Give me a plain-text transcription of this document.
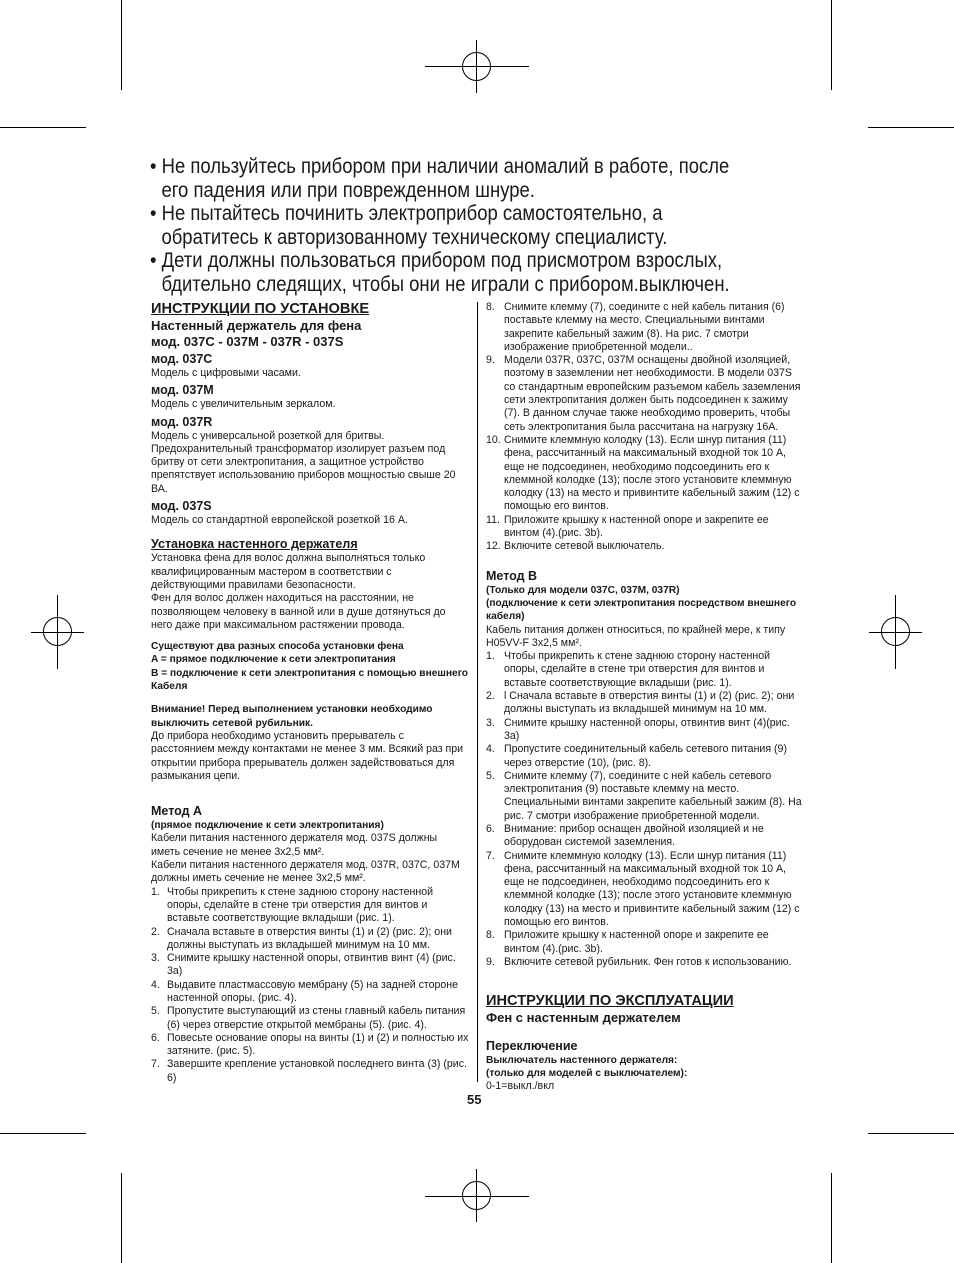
• Не пользуйтесь прибором при наличии аномалий в работе, после его падения или при поврежденном шнуре.

• Не пытайтесь починить электроприбор самостоятельно, а обратитесь к авторизованному техническому специалисту.

• Дети должны пользоваться прибором под присмотром взрослых, бдительно следящих, чтобы они не играли с прибором.выключен.

ИНСТРУКЦИИ ПО УСТАНОВКЕ
Настенный держатель для фена
мод. 037C - 037M - 037R - 037S
мод. 037C
Модель с цифровыми часами.
мод. 037M
Модель с увеличительным зеркалом.
мод. 037R
Модель с универсальной розеткой для бритвы. Предохранительный трансформатор изолирует разъем под бритву от сети электропитания, а защитное устройство препятствует использованию приборов мощностью свыше 20 ВА.
мод. 037S
Модель со стандартной европейской розеткой 16 А.
Установка настенного держателя
Установка фена для волос должна выполняться только квалифицированным мастером в соответствии с действующими правилами безопасности.
Фен для волос должен находиться на расстоянии, не позволяющем человеку в ванной или в душе дотянуться до него даже при максимальном растяжении провода.
Существуют два разных способа установки фена
A = прямое подключение к сети электропитания
B = подключение к сети электропитания с помощью внешнего Кабеля
Внимание! Перед выполнением установки необходимо выключить сетевой рубильник.
До прибора необходимо установить прерыватель с расстоянием между контактами не менее 3 мм. Всякий раз при открытии прибора прерыватель должен задействоваться для размыкания цепи.
Метод A
(прямое подключение к сети электропитания)
Кабели питания настенного держателя мод. 037S должны иметь сечение не менее 3х2,5 мм².
Кабели питания настенного держателя мод. 037R, 037C, 037M должны иметь сечение не менее 3х2,5 мм².
1. Чтобы прикрепить к стене заднюю сторону настенной опоры, сделайте в стене три отверстия для винтов и вставьте соответствующие вкладыши (рис. 1).
2. Сначала вставьте в отверстия винты (1) и (2) (рис. 2); они должны выступать из вкладышей минимум на 10 мм.
3. Снимите крышку настенной опоры, отвинтив винт (4) (рис. 3a)
4. Выдавите пластмассовую мембрану (5) на задней стороне настенной опоры. (рис. 4).
5. Пропустите выступающий из стены главный кабель питания (6) через отверстие открытой мембраны (5). (рис. 4).
6. Повесьте основание опоры на винты (1) и (2) и полностью их затяните. (рис. 5).
7. Завершите крепление установкой последнего винта (3) (рис. 6)
8. Снимите клемму (7), соедините с ней кабель питания (6) поставьте клемму на место. Специальными винтами закрепите кабельный зажим (8). На рис. 7 смотри изображение приобретенной модели..
9. Модели 037R, 037C, 037M оснащены двойной изоляцией, поэтому в заземлении нет необходимости. В модели 037S со стандартным европейским разъемом кабель заземления сети электропитания должен быть подсоединен к зажиму (7). В данном случае также необходимо проверить, чтобы сеть электропитания была рассчитана на нагрузку 16A.
10. Снимите клеммную колодку (13). Если шнур питания (11) фена, рассчитанный на максимальный входной ток 10 А, еще не подсоединен, необходимо подсоединить его к клеммной колодке (13); после этого установите клеммную колодку (13) на место и привинтите кабельный зажим (12) с помощью его винтов.
11. Приложите крышку к настенной опоре и закрепите ее винтом (4).(рис. 3b).
12. Включите сетевой выключатель.
Метод B
(Только для модели 037C, 037M, 037R)
(подключение к сети электропитания посредством внешнего кабеля)
Кабель питания должен относиться, по крайней мере, к типу H05VV-F 3x2,5 мм².
1. Чтобы прикрепить к стене заднюю сторону настенной опоры, сделайте в стене три отверстия для винтов и вставьте соответствующие вкладыши (рис. 1).
2. l Сначала вставьте в отверстия винты (1) и (2) (рис. 2); они должны выступать из вкладышей минимум на 10 мм.
3. Снимите крышку настенной опоры, отвинтив винт (4)(рис. 3a)
4. Пропустите соединительный кабель сетевого питания (9) через отверстие (10), (рис. 8).
5. Снимите клемму (7), соедините с ней кабель сетевого электропитания (9) поставьте клемму на место. Специальными винтами закрепите кабельный зажим (8). На рис. 7 смотри изображение приобретенной модели.
6. Внимание: прибор оснащен двойной изоляцией и не оборудован системой заземления.
7. Снимите клеммную колодку (13). Если шнур питания (11) фена, рассчитанный на максимальный входной ток 10 А, еще не подсоединен, необходимо подсоединить его к клеммной колодке (13); после этого установите клеммную колодку (13) на место и привинтите кабельный зажим (12) с помощью его винтов.
8. Приложите крышку к настенной опоре и закрепите ее винтом (4).(рис. 3b).
9. Включите сетевой рубильник. Фен готов к использованию.
ИНСТРУКЦИИ ПО ЭКСПЛУАТАЦИИ
Фен с настенным держателем
Переключение
Выключатель настенного держателя:
(только для моделей с выключателем):
0-1=выкл./вкл
55
